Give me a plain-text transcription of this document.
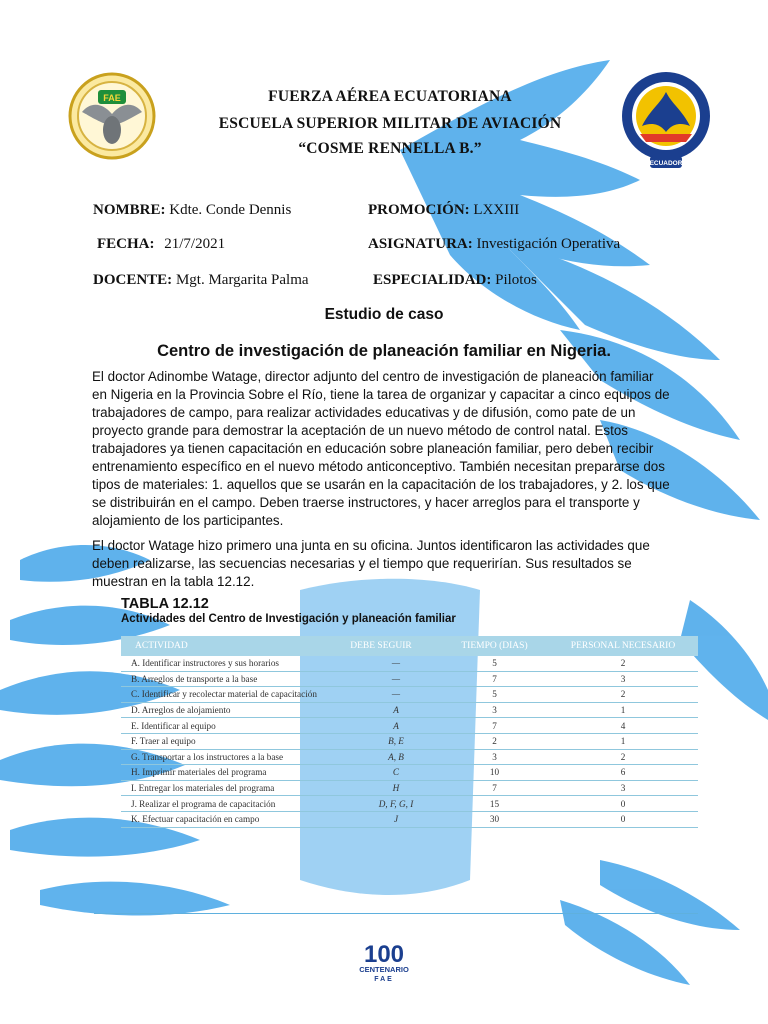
FAE
ECUADOR
FUERZA AÉREA ECUATORIANA
ESCUELA SUPERIOR MILITAR DE AVIACIÓN
“COSME RENNELLA B.”
NOMBRE: Kdte. Conde Dennis	PROMOCIÓN: LXXIII
FECHA: 21/7/2021	ASIGNATURA: Investigación Operativa
DOCENTE: Mgt. Margarita Palma	ESPECIALIDAD: Pilotos
Estudio de caso
Centro de investigación de planeación familiar en Nigeria.

El doctor Adinombe Watage, director adjunto del centro de investigación de planeación familiar en Nigeria en la Provincia Sobre el Río, tiene la tarea de organizar y capacitar a cinco equipos de trabajadores de campo, para realizar actividades educativas y de difusión, como pate de un proyecto grande para demostrar la aceptación de un nuevo método de control natal. Estos trabajadores ya tienen capacitación en educación sobre planeación familiar, pero deben recibir entrenamiento específico en el nuevo método anticonceptivo. También necesitan prepararse dos tipos de materiales: 1. aquellos que se usarán en la capacitación de los trabajadores, y 2. los que se distribuirán en el campo. Deben traerse instructores, y hacer arreglos para el transporte y alojamiento de los participantes.

El doctor Watage hizo primero una junta en su oficina. Juntos identificaron las actividades que deben realizarse, las secuencias necesarias y el tiempo que requerirían. Sus resultados se muestran en la tabla 12.12.

TABLA 12.12
Actividades del Centro de Investigación y planeación familiar
ACTIVIDAD	DEBE SEGUIR	TIEMPO (DÍAS)	PERSONAL NECESARIO
A. Identificar instructores y sus horarios	—	5	2
B. Arreglos de transporte a la base	—	7	3
C. Identificar y recolectar material de capacitación	—	5	2
D. Arreglos de alojamiento	A	3	1
E. Identificar al equipo	A	7	4
F. Traer al equipo	B, E	2	1
G. Transportar a los instructores a la base	A, B	3	2
H. Imprimir materiales del programa	C	10	6
I. Entregar los materiales del programa	H	7	3
J. Realizar el programa de capacitación	D, F, G, I	15	0
K. Efectuar capacitación en campo	J	30	0
100
CENTENARIO
FAE
